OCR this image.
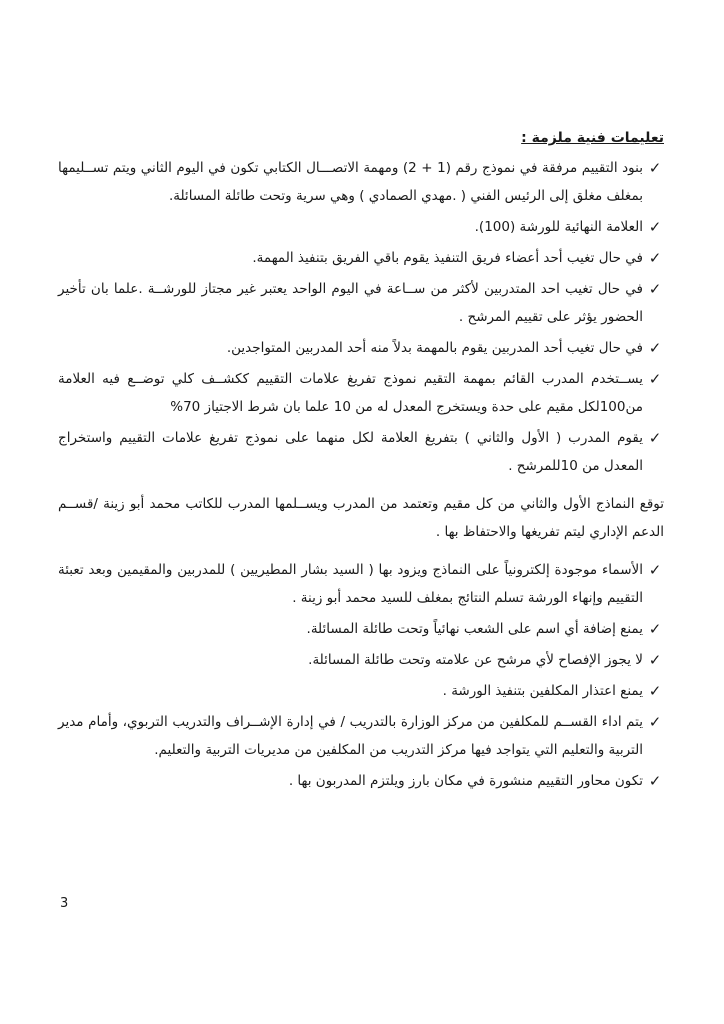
تعليمات فنية ملزمة :
✓
بنود التقييم مرفقة في نموذج رقم (1 + 2) ومهمة الاتصـــال الكتابي تكون في اليوم الثاني ويتم تســليمها بمغلف مغلق إلى الرئيس الفني ( .مهدي الصمادي ) وهي سرية وتحت طائلة المسائلة.
✓
العلامة النهائية للورشة (100).
✓
في حال تغيب أحد أعضاء فريق التنفيذ يقوم باقي الفريق بتنفيذ المهمة.
✓
في حال تغيب احد المتدربين لأكثر من ســاعة في اليوم الواحد يعتبر غير مجتاز للورشــة .علما بان تأخير الحضور يؤثر على تقييم المرشح .
✓
في حال تغيب أحد المدربين يقوم بالمهمة بدلاً منه أحد المدربين المتواجدين.
✓
يســتخدم المدرب القائم بمهمة التقيم نموذج تفريغ علامات التقييم ككشــف كلي توضــع فيه العلامة من100لكل مقيم على حدة ويستخرج المعدل له من 10 علما بان شرط الاجتياز 70%
✓
يقوم المدرب ( الأول والثاني ) بتفريغ العلامة لكل منهما على نموذج تفريغ علامات التقييم واستخراج المعدل من 10للمرشح .
توقع النماذج الأول والثاني من كل مقيم وتعتمد من المدرب ويســلمها المدرب للكاتب محمد أبو زينة /قســم الدعم الإداري ليتم تفريغها والاحتفاظ بها .
✓
الأسماء موجودة إلكترونياً على النماذج ويزود بها ( السيد بشار المطيريين ) للمدربين والمقيمين وبعد تعبئة التقييم وإنهاء الورشة تسلم النتائج بمغلف للسيد محمد أبو زينة .
✓
يمنع إضافة أي اسم على الشعب نهائياً وتحت طائلة المسائلة.
✓
لا يجوز الإفصاح لأي مرشح عن علامته وتحت طائلة المسائلة.
✓
يمنع اعتذار المكلفين بتنفيذ الورشة .
✓
يتم اداء القســم للمكلفين من مركز الوزارة بالتدريب / في إدارة الإشــراف والتدريب التربوي، وأمام مدير التربية والتعليم التي يتواجد فيها مركز التدريب من المكلفين من مديريات التربية والتعليم.
✓
تكون محاور التقييم منشورة في مكان بارز ويلتزم المدربون بها .
3
